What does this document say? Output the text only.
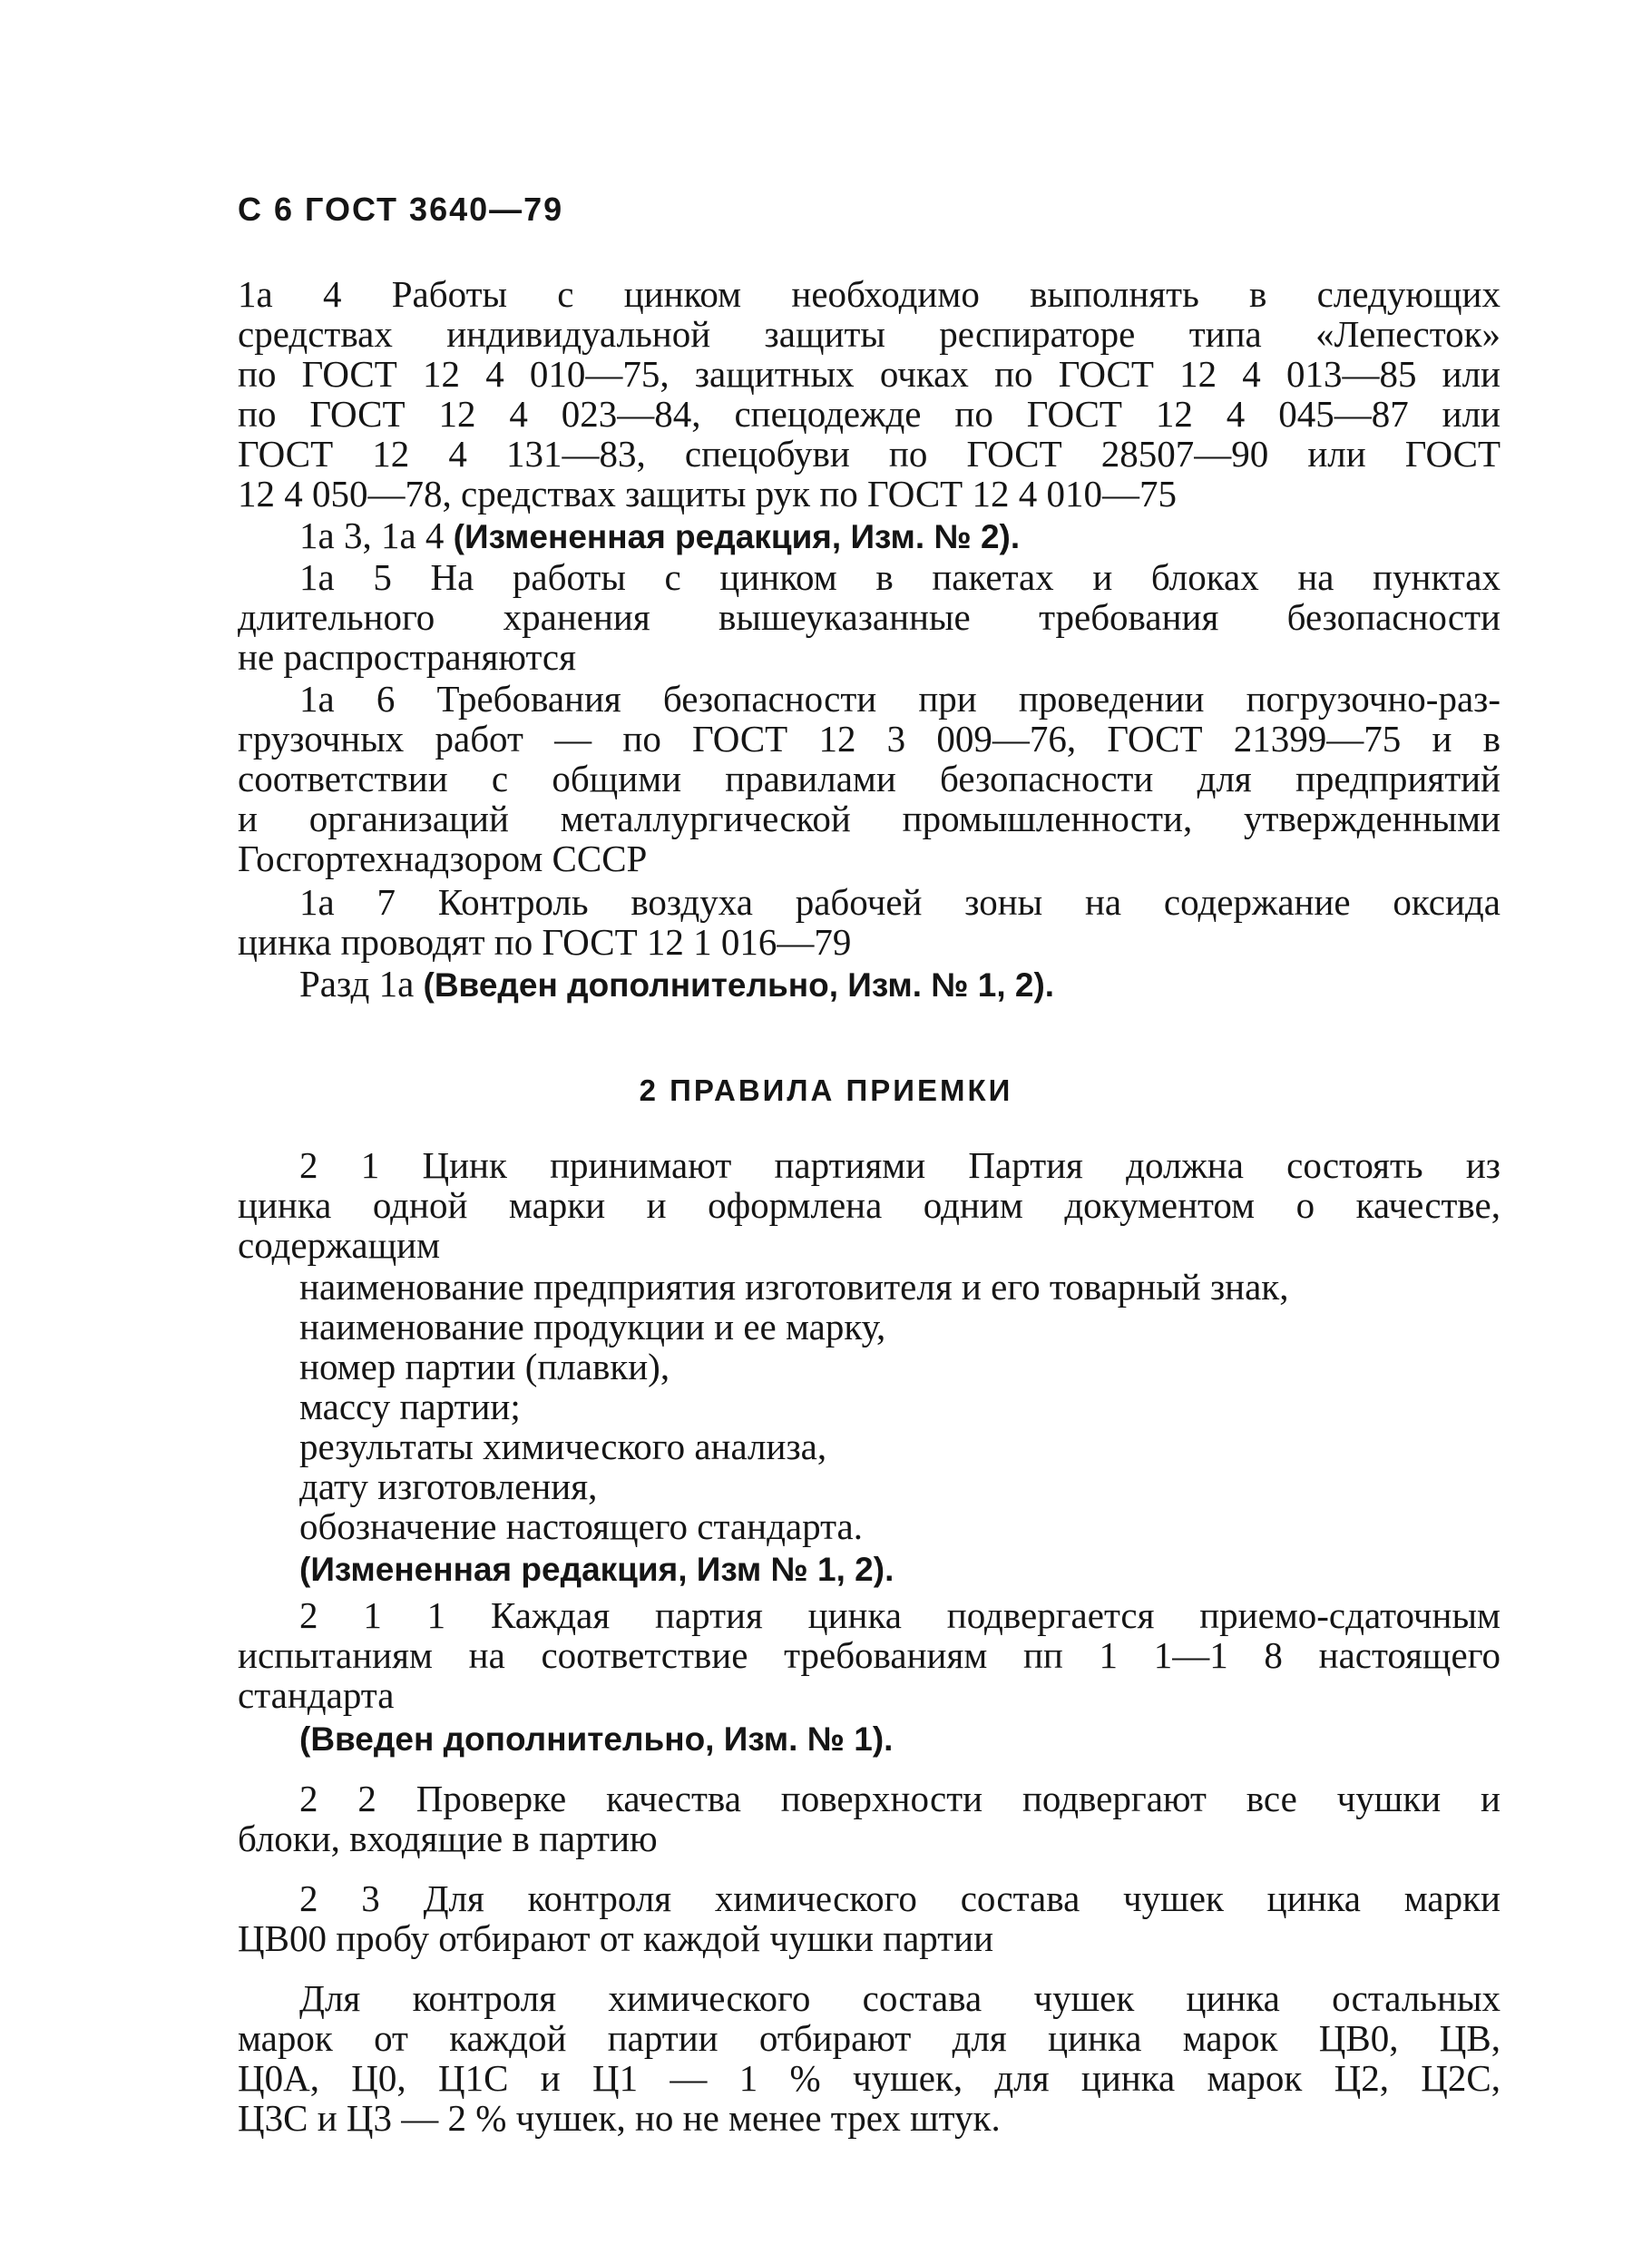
С 6 ГОСТ 3640—79
1а 4 Работы с цинком необходимо выполнять в следующих
средствах индивидуальной защиты респираторе типа «Лепесток»
по ГОСТ 12 4 010—75, защитных очках по ГОСТ 12 4 013—85 или
по ГОСТ 12 4 023—84, спецодежде по ГОСТ 12 4 045—87 или
ГОСТ 12 4 131—83, спецобуви по ГОСТ 28507—90 или ГОСТ
12 4 050—78, средствах защиты рук по ГОСТ 12 4 010—75
1а 3, 1а 4 (Измененная редакция, Изм. № 2).
1а 5 На работы с цинком в пакетах и блоках на пунктах
длительного хранения вышеуказанные требования безопасности
не распространяются
1а 6 Требования безопасности при проведении погрузочно-раз-
грузочных работ — по ГОСТ 12 3 009—76, ГОСТ 21399—75 и в
соответствии с общими правилами безопасности для предприятий
и организаций металлургической промышленности, утвержденными
Госгортехнадзором СССР
1а 7 Контроль воздуха рабочей зоны на содержание оксида
цинка проводят по ГОСТ 12 1 016—79
Разд 1а (Введен дополнительно, Изм. № 1, 2).
2 ПРАВИЛА ПРИЕМКИ
2 1 Цинк принимают партиями Партия должна состоять из
цинка одной марки и оформлена одним документом о качестве,
содержащим
наименование предприятия изготовителя и его товарный знак,
наименование продукции и ее марку,
номер партии (плавки),
массу партии;
результаты химического анализа,
дату изготовления,
обозначение настоящего стандарта.
(Измененная редакция, Изм № 1, 2).
2 1 1 Каждая партия цинка подвергается приемо-сдаточным
испытаниям на соответствие требованиям пп 1 1—1 8 настоящего
стандарта
(Введен дополнительно, Изм. № 1).
2 2 Проверке качества поверхности подвергают все чушки и
блоки, входящие в партию
2 3 Для контроля химического состава чушек цинка марки
ЦВ00 пробу отбирают от каждой чушки партии
Для контроля химического состава чушек цинка остальных
марок от каждой партии отбирают для цинка марок ЦВ0, ЦВ,
Ц0А, Ц0, Ц1С и Ц1 — 1 % чушек, для цинка марок Ц2, Ц2С,
Ц3С и Ц3 — 2 % чушек, но не менее трех штук.
